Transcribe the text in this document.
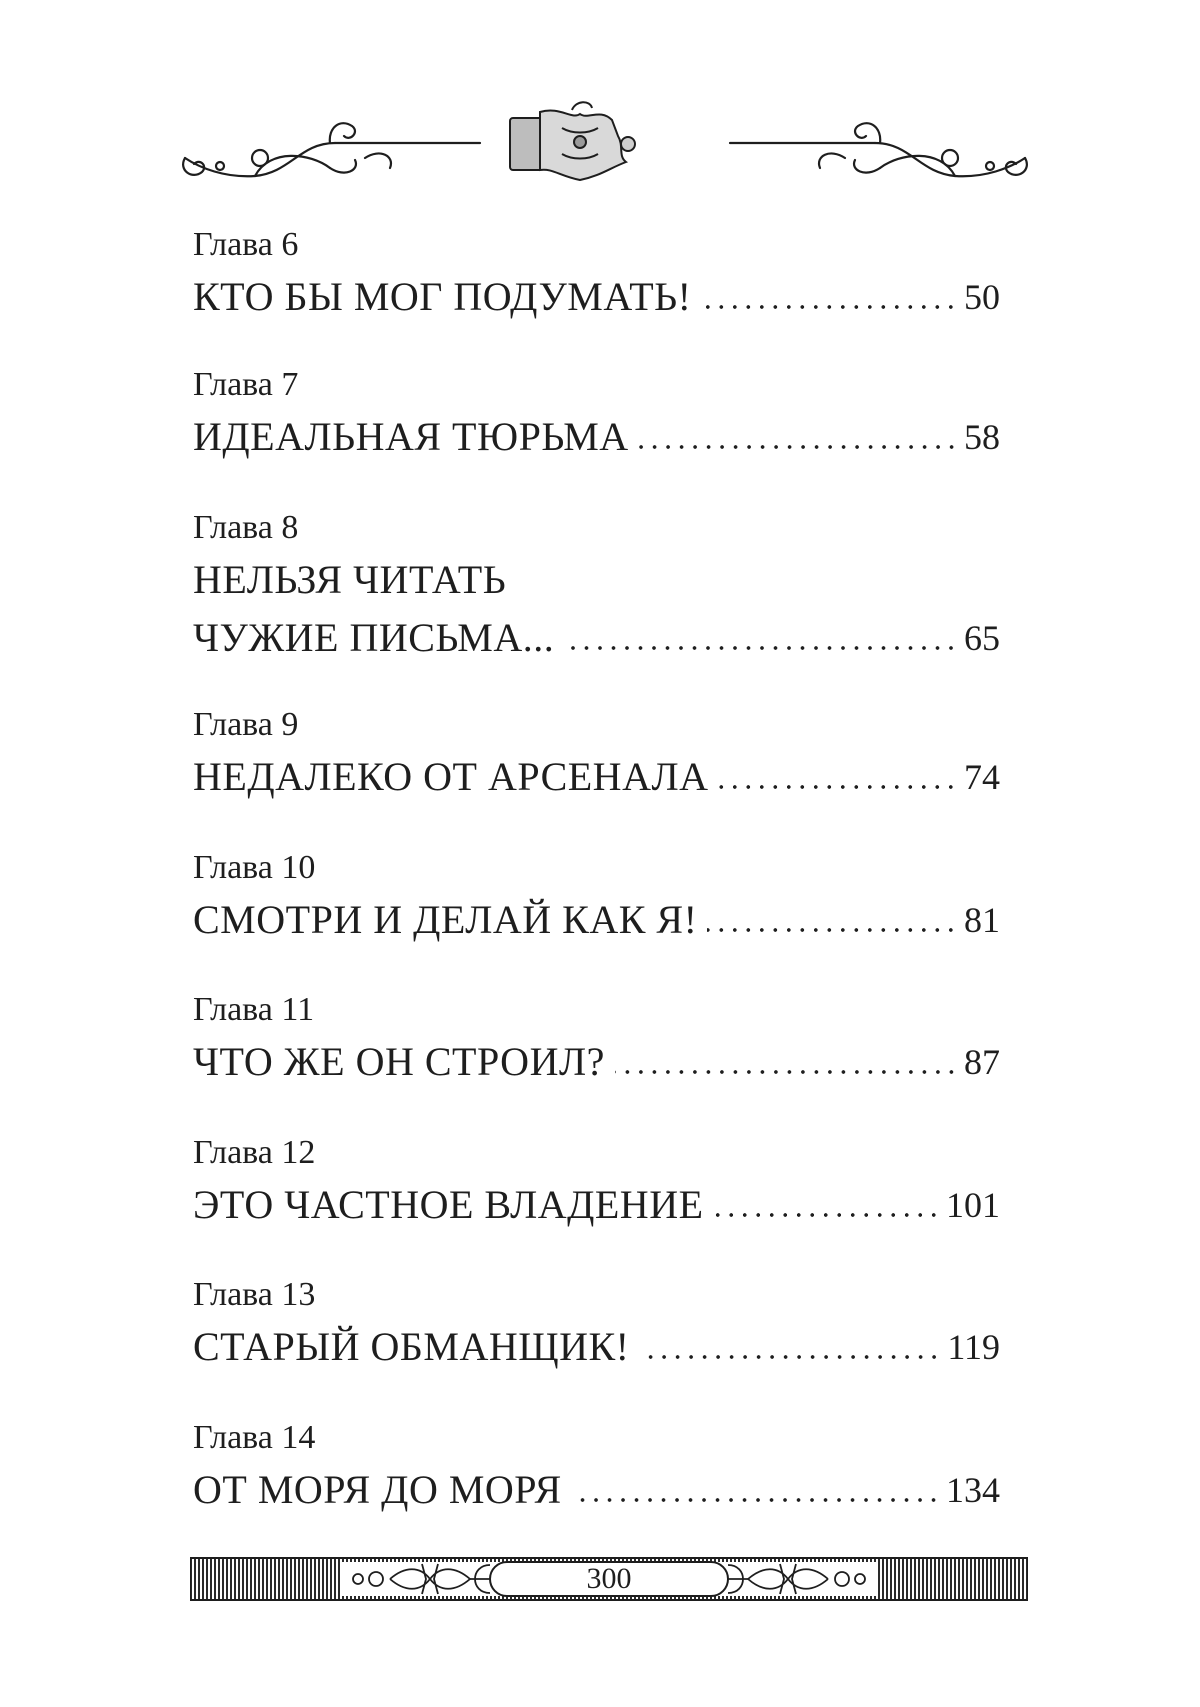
Глава 6
КТО БЫ МОГ ПОДУМАТЬ!	50
Глава 7
ИДЕАЛЬНАЯ ТЮРЬМА	58
Глава 8
НЕЛЬЗЯ ЧИТАТЬ
ЧУЖИЕ ПИСЬМА...	65
Глава 9
НЕДАЛЕКО ОТ АРСЕНАЛА	74
Глава 10
СМОТРИ И ДЕЛАЙ КАК Я!	81
Глава 11
ЧТО ЖЕ ОН СТРОИЛ?	87
Глава 12
ЭТО ЧАСТНОЕ ВЛАДЕНИЕ	101
Глава 13
СТАРЫЙ ОБМАНЩИК!	119
Глава 14
ОТ МОРЯ ДО МОРЯ	134
300
